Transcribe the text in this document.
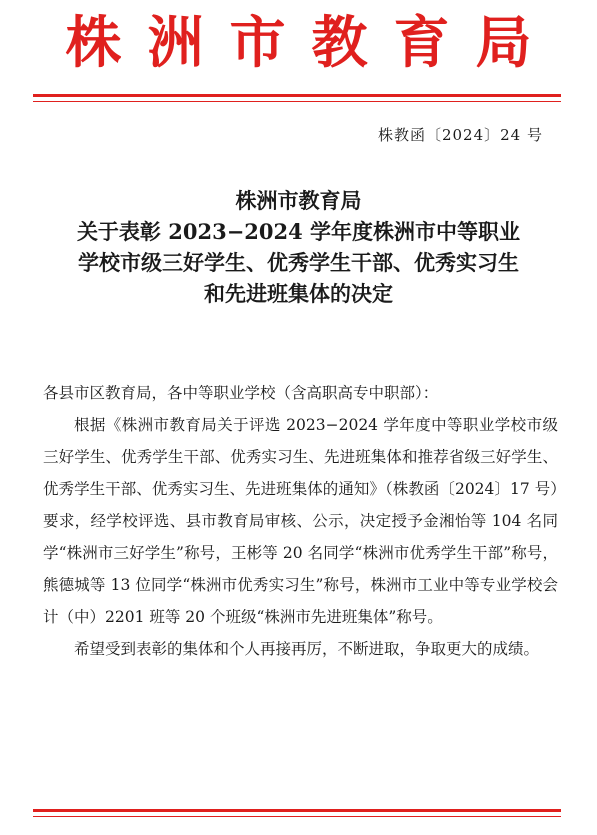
株洲市教育局
株教函〔2024〕24 号
株洲市教育局
关于表彰 2023−2024 学年度株洲市中等职业
学校市级三好学生、优秀学生干部、优秀实习生
和先进班集体的决定
各县市区教育局，各中等职业学校（含高职高专中职部）：

根据《株洲市教育局关于评选 2023−2024 学年度中等职业学校市级三好学生、优秀学生干部、优秀实习生、先进班集体和推荐省级三好学生、优秀学生干部、优秀实习生、先进班集体的通知》（株教函〔2024〕17 号）要求，经学校评选、县市教育局审核、公示，决定授予金湘怡等 104 名同学“株洲市三好学生”称号，王彬等 20 名同学“株洲市优秀学生干部”称号，熊德城等 13 位同学“株洲市优秀实习生”称号，株洲市工业中等专业学校会计（中）2201 班等 20 个班级“株洲市先进班集体”称号。

希望受到表彰的集体和个人再接再厉，不断进取，争取更大的成绩。
